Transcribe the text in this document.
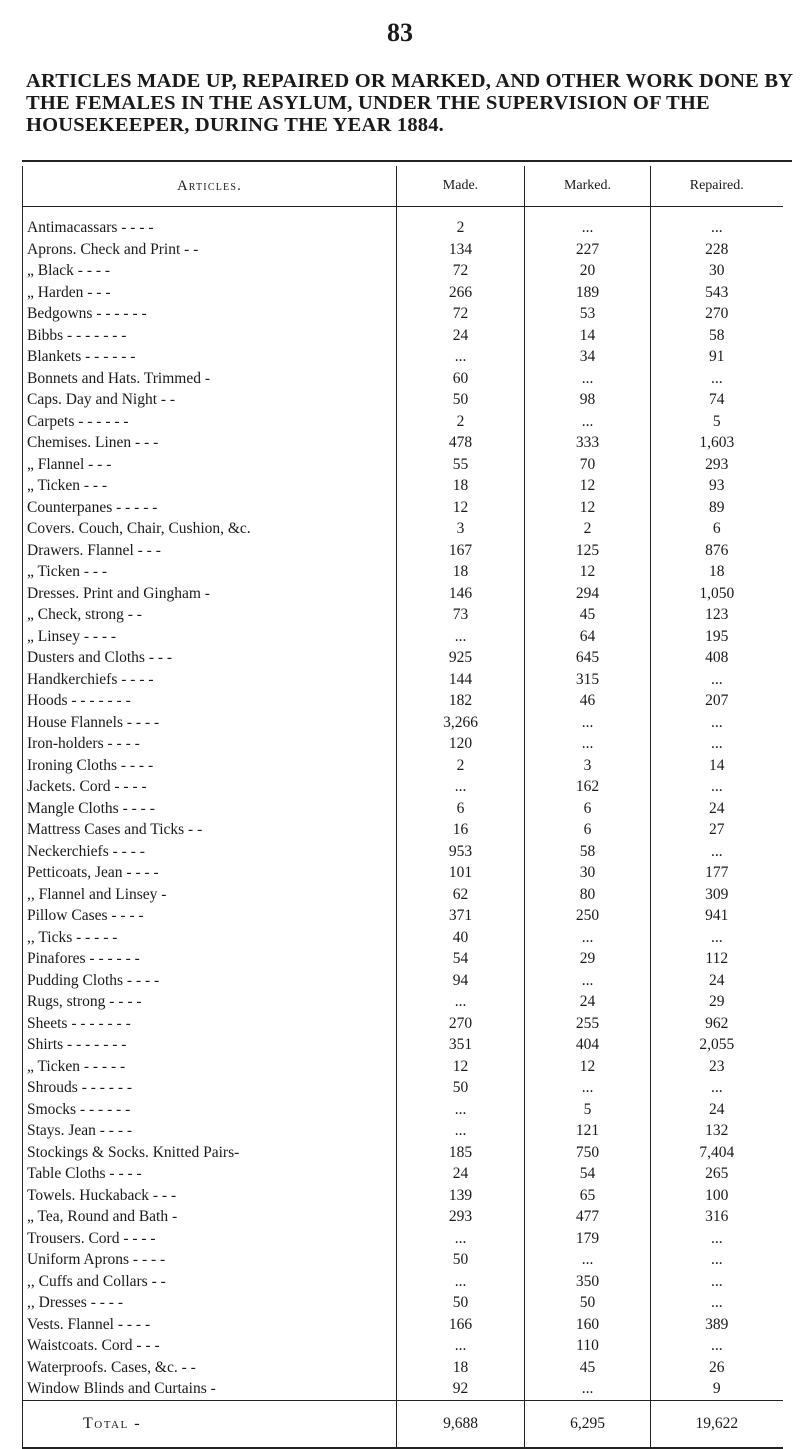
83
ARTICLES MADE UP, REPAIRED OR MARKED, AND OTHER WORK DONE BY THE FEMALES IN THE ASYLUM, UNDER THE SUPERVISION OF THE HOUSEKEEPER, DURING THE YEAR 1884.
Articles.	Made.	Marked.	Repaired.
Antimacassars - - - -	2	...	...
Aprons. Check and Print - -	134	227	228
„ Black - - - -	72	20	30
„ Harden - - -	266	189	543
Bedgowns - - - - - -	72	53	270
Bibbs - - - - - - -	24	14	58
Blankets - - - - - -	...	34	91
Bonnets and Hats. Trimmed -	60	...	...
Caps. Day and Night - -	50	98	74
Carpets - - - - - -	2	...	5
Chemises. Linen - - -	478	333	1,603
„ Flannel - - -	55	70	293
„ Ticken - - -	18	12	93
Counterpanes - - - - -	12	12	89
Covers. Couch, Chair, Cushion, &c.	3	2	6
Drawers. Flannel - - -	167	125	876
„ Ticken - - -	18	12	18
Dresses. Print and Gingham -	146	294	1,050
„ Check, strong - -	73	45	123
„ Linsey - - - -	...	64	195
Dusters and Cloths - - -	925	645	408
Handkerchiefs - - - -	144	315	...
Hoods - - - - - - -	182	46	207
House Flannels - - - -	3,266	...	...
Iron-holders - - - -	120	...	...
Ironing Cloths - - - -	2	3	14
Jackets. Cord - - - -	...	162	...
Mangle Cloths - - - -	6	6	24
Mattress Cases and Ticks - -	16	6	27
Neckerchiefs - - - -	953	58	...
Petticoats, Jean - - - -	101	30	177
,, Flannel and Linsey -	62	80	309
Pillow Cases - - - -	371	250	941
,, Ticks - - - - -	40	...	...
Pinafores - - - - - -	54	29	112
Pudding Cloths - - - -	94	...	24
Rugs, strong - - - -	...	24	29
Sheets - - - - - - -	270	255	962
Shirts - - - - - - -	351	404	2,055
„ Ticken - - - - -	12	12	23
Shrouds - - - - - -	50	...	...
Smocks - - - - - -	...	5	24
Stays. Jean - - - -	...	121	132
Stockings & Socks. Knitted Pairs-	185	750	7,404
Table Cloths - - - -	24	54	265
Towels. Huckaback - - -	139	65	100
„ Tea, Round and Bath -	293	477	316
Trousers. Cord - - - -	...	179	...
Uniform Aprons - - - -	50	...	...
,, Cuffs and Collars - -	...	350	...
,, Dresses - - - -	50	50	...
Vests. Flannel - - - -	166	160	389
Waistcoats. Cord - - -	...	110	...
Waterproofs. Cases, &c. - -	18	45	26
Window Blinds and Curtains -	92	...	9
Total -	9,688	6,295	19,622
